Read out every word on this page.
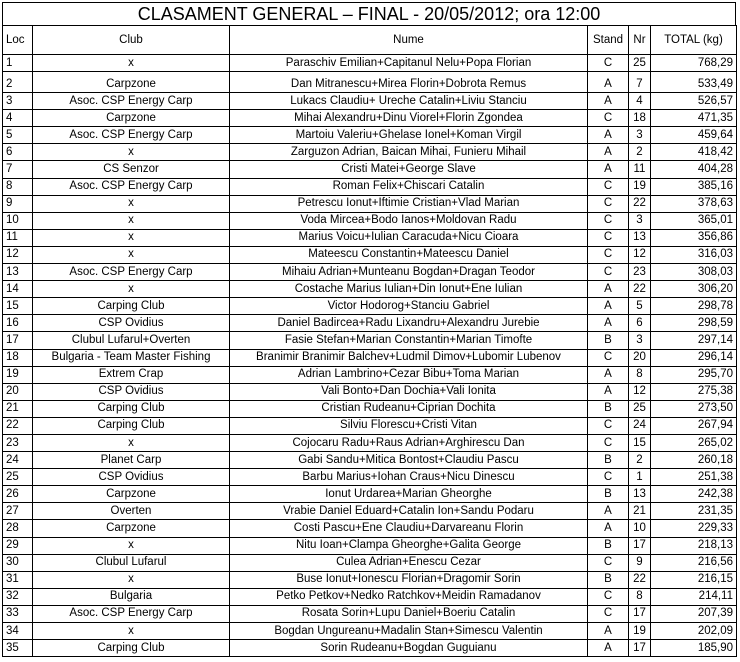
CLASAMENT GENERAL – FINAL - 20/05/2012; ora 12:00
Loc	Club	Nume	Stand	Nr	TOTAL (kg)
1	x	Paraschiv Emilian+Capitanul Nelu+Popa Florian	C	25	768,29
2	Carpzone	Dan Mitranescu+Mirea Florin+Dobrota Remus	A	7	533,49
3	Asoc. CSP Energy Carp	Lukacs Claudiu+ Ureche Catalin+Liviu Stanciu	A	4	526,57
4	Carpzone	Mihai Alexandru+Dinu Viorel+Florin Zgondea	C	18	471,35
5	Asoc. CSP Energy Carp	Martoiu Valeriu+Ghelase Ionel+Koman Virgil	A	3	459,64
6	x	Zarguzon Adrian, Baican Mihai, Funieru Mihail	A	2	418,42
7	CS Senzor	Cristi Matei+George Slave	A	11	404,28
8	Asoc. CSP Energy Carp	Roman Felix+Chiscari Catalin	C	19	385,16
9	x	Petrescu Ionut+Iftimie Cristian+Vlad Marian	C	22	378,63
10	x	Voda Mircea+Bodo Ianos+Moldovan Radu	C	3	365,01
11	x	Marius Voicu+Iulian Caracuda+Nicu Cioara	C	13	356,86
12	x	Mateescu Constantin+Mateescu Daniel	C	12	316,03
13	Asoc. CSP Energy Carp	Mihaiu Adrian+Munteanu Bogdan+Dragan Teodor	C	23	308,03
14	x	Costache Marius Iulian+Din Ionut+Ene Iulian	A	22	306,20
15	Carping Club	Victor Hodorog+Stanciu Gabriel	A	5	298,78
16	CSP Ovidius	Daniel Badircea+Radu Lixandru+Alexandru Jurebie	A	6	298,59
17	Clubul Lufarul+Overten	Fasie Stefan+Marian Constantin+Marian Timofte	B	3	297,14
18	Bulgaria - Team Master Fishing	Branimir Branimir Balchev+Ludmil Dimov+Lubomir Lubenov	C	20	296,14
19	Extrem Crap	Adrian Lambrino+Cezar Bibu+Toma Marian	A	8	295,70
20	CSP Ovidius	Vali Bonto+Dan Dochia+Vali Ionita	A	12	275,38
21	Carping Club	Cristian Rudeanu+Ciprian Dochita	B	25	273,50
22	Carping Club	Silviu Florescu+Cristi Vitan	C	24	267,94
23	x	Cojocaru Radu+Raus Adrian+Arghirescu Dan	C	15	265,02
24	Planet Carp	Gabi Sandu+Mitica Bontost+Claudiu Pascu	B	2	260,18
25	CSP Ovidius	Barbu Marius+Iohan Craus+Nicu Dinescu	C	1	251,38
26	Carpzone	Ionut Urdarea+Marian Gheorghe	B	13	242,38
27	Overten	Vrabie Daniel Eduard+Catalin Ion+Sandu Podaru	A	21	231,35
28	Carpzone	Costi Pascu+Ene Claudiu+Darvareanu Florin	A	10	229,33
29	x	Nitu Ioan+Clampa Gheorghe+Galita George	B	17	218,13
30	Clubul Lufarul	Culea Adrian+Enescu Cezar	C	9	216,56
31	x	Buse Ionut+Ionescu Florian+Dragomir Sorin	B	22	216,15
32	Bulgaria	Petko Petkov+Nedko Ratchkov+Meidin Ramadanov	C	8	214,11
33	Asoc. CSP Energy Carp	Rosata Sorin+Lupu Daniel+Boeriu Catalin	C	17	207,39
34	x	Bogdan Ungureanu+Madalin Stan+Simescu Valentin	A	19	202,09
35	Carping Club	Sorin Rudeanu+Bogdan Guguianu	A	17	185,90
